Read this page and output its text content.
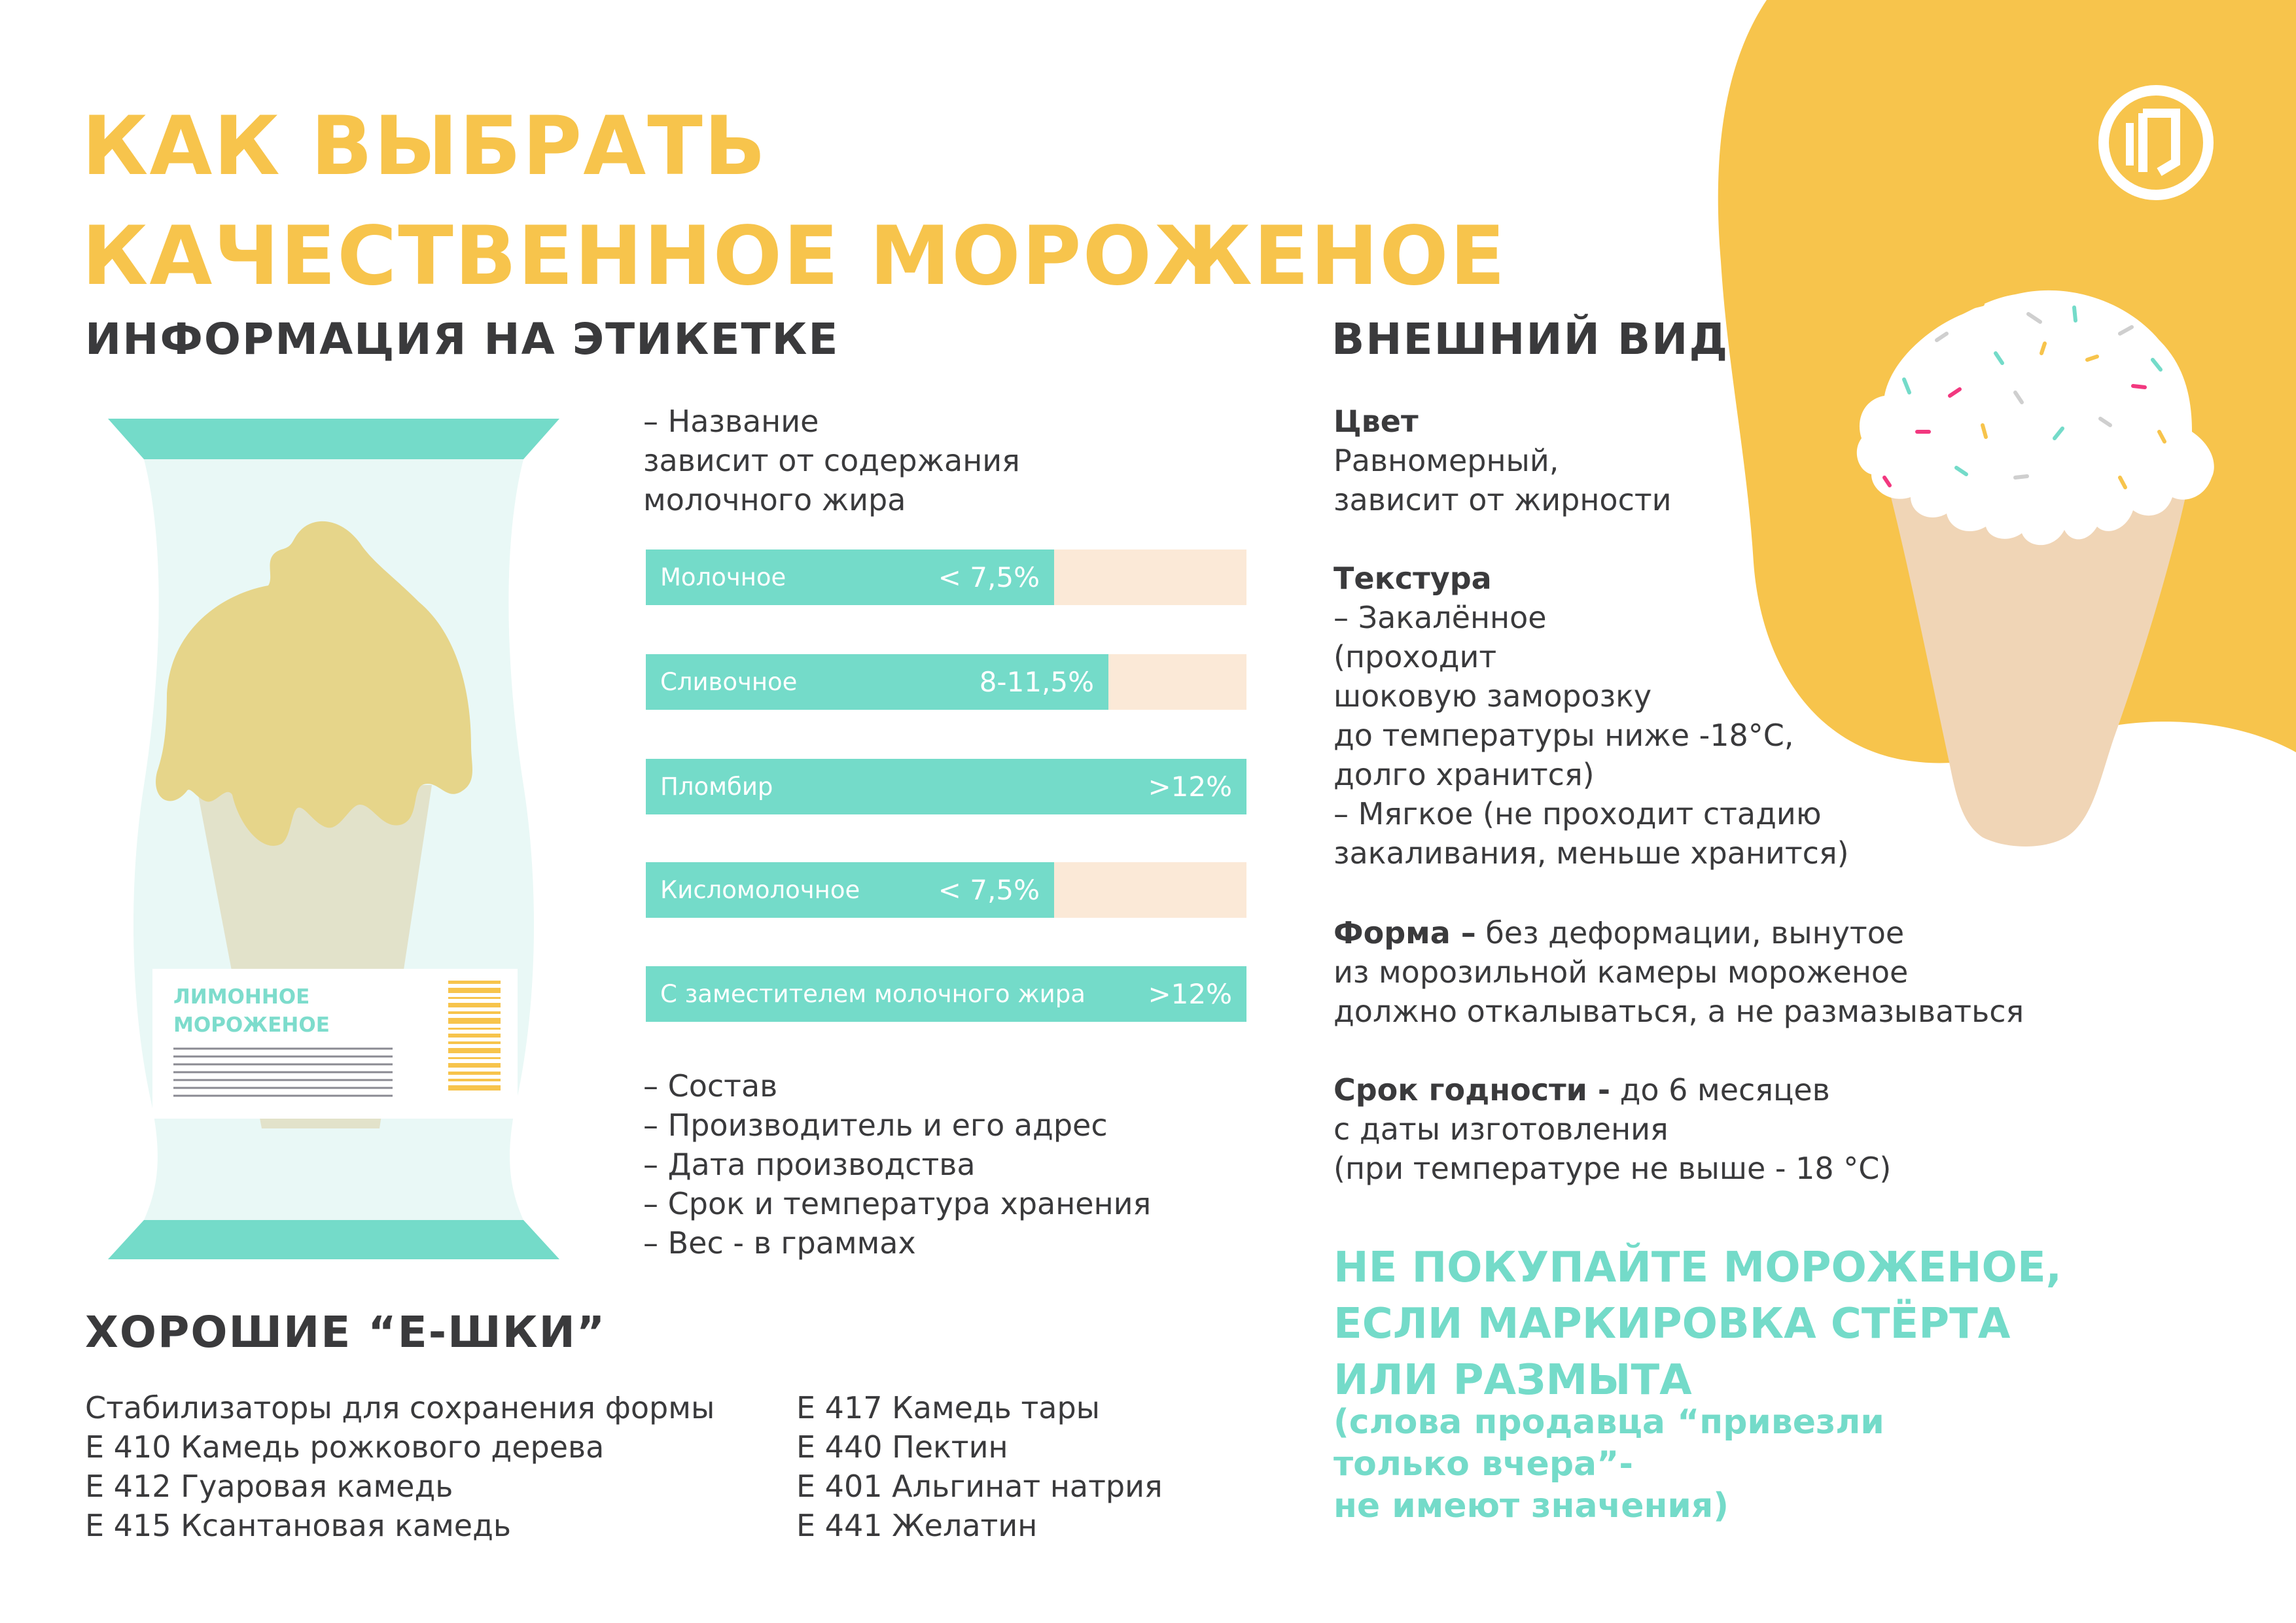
КАК ВЫБРАТЬ
КАЧЕСТВЕННОЕ МОРОЖЕНОЕ
ИНФОРМАЦИЯ НА ЭТИКЕТКЕ	ВНЕШНИЙ ВИД
ХОРОШИЕ “Е-ШКИ”
ЛИМОННОЕ
МОРОЖЕНОЕ
– Название
зависит от содержания
молочного жира
Молочное	< 7,5%
Сливочное	8-11,5%
Пломбир	>12%
Кисломолочное	< 7,5%
С заместителем молочного жира >12%
– Состав
– Производитель и его адрес
– Дата производства
– Срок и температура хранения
– Вес - в граммах
Стабилизаторы для сохранения формы
Е 410 Камедь рожкового дерева
Е 412 Гуаровая камедь
Е 415 Ксантановая камедь
Е 417 Камедь тары
Е 440 Пектин
Е 401 Альгинат натрия
Е 441 Желатин
Цвет
Равномерный,
зависит от жирности
Текстура
– Закалённое
(проходит
шоковую заморозку
до температуры ниже -18°С,
долго хранится)
– Мягкое (не проходит стадию
закаливания, меньше хранится)
Форма – без деформации, вынутое
из морозильной камеры мороженое
должно откалываться, а не размазываться
Срок годности - до 6 месяцев
с даты изготовления
(при температуре не выше - 18 °С)
НЕ ПОКУПАЙТЕ МОРОЖЕНОЕ,
ЕСЛИ МАРКИРОВКА СТЁРТА
ИЛИ РАЗМЫТА
(слова продавца “привезли
только вчера”-
не имеют значения)
